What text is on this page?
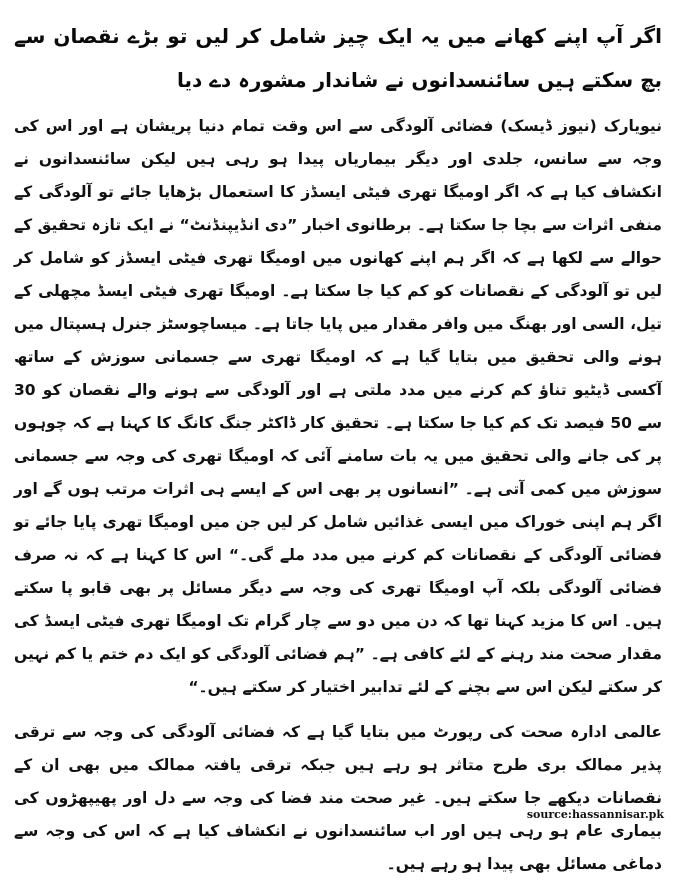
اگر آپ اپنے کھانے میں یہ ایک چیز شامل کر لیں تو بڑے نقصان سے بچ سکتے ہیں سائنسدانوں نے شاندار مشورہ دے دیا

نیویارک (نیوز ڈیسک) فضائی آلودگی سے اس وقت تمام دنیا پریشان ہے اور اس کی وجہ سے سانس، جلدی اور دیگر بیماریاں پیدا ہو رہی ہیں لیکن سائنسدانوں نے انکشاف کیا ہے کہ اگر اومیگا تھری فیٹی ایسڈز کا استعمال بڑھایا جائے تو آلودگی کے منفی اثرات سے بچا جا سکتا ہے۔ برطانوی اخبار ”دی انڈیپنڈنٹ“ نے ایک تازہ تحقیق کے حوالے سے لکھا ہے کہ اگر ہم اپنے کھانوں میں اومیگا تھری فیٹی ایسڈز کو شامل کر لیں تو آلودگی کے نقصانات کو کم کیا جا سکتا ہے۔ اومیگا تھری فیٹی ایسڈ مچھلی کے تیل، السی اور بھنگ میں وافر مقدار میں پایا جاتا ہے۔ میساچوسٹز جنرل ہسپتال میں ہونے والی تحقیق میں بتایا گیا ہے کہ اومیگا تھری سے جسمانی سوزش کے ساتھ آکسی ڈیٹیو تناؤ کم کرنے میں مدد ملتی ہے اور آلودگی سے ہونے والے نقصان کو 30 سے 50 فیصد تک کم کیا جا سکتا ہے۔ تحقیق کار ڈاکٹر جنگ کانگ کا کہنا ہے کہ چوہوں پر کی جانے والی تحقیق میں یہ بات سامنے آئی کہ اومیگا تھری کی وجہ سے جسمانی سوزش میں کمی آتی ہے۔ ”انسانوں پر بھی اس کے ایسے ہی اثرات مرتب ہوں گے اور اگر ہم اپنی خوراک میں ایسی غذائیں شامل کر لیں جن میں اومیگا تھری پایا جائے تو فضائی آلودگی کے نقصانات کم کرنے میں مدد ملے گی۔“ اس کا کہنا ہے کہ نہ صرف فضائی آلودگی بلکہ آپ اومیگا تھری کی وجہ سے دیگر مسائل پر بھی قابو پا سکتے ہیں۔ اس کا مزید کہنا تھا کہ دن میں دو سے چار گرام تک اومیگا تھری فیٹی ایسڈ کی مقدار صحت مند رہنے کے لئے کافی ہے۔ ”ہم فضائی آلودگی کو ایک دم ختم یا کم نہیں کر سکتے لیکن اس سے بچنے کے لئے تدابیر اختیار کر سکتے ہیں۔“

عالمی ادارہ صحت کی رپورٹ میں بتایا گیا ہے کہ فضائی آلودگی کی وجہ سے ترقی پذیر ممالک بری طرح متاثر ہو رہے ہیں جبکہ ترقی یافتہ ممالک میں بھی ان کے نقصانات دیکھے جا سکتے ہیں۔ غیر صحت مند فضا کی وجہ سے دل اور پھیپھڑوں کی بیماری عام ہو رہی ہیں اور اب سائنسدانوں نے انکشاف کیا ہے کہ اس کی وجہ سے دماغی مسائل بھی پیدا ہو رہے ہیں۔

source:hassannisar.pk
